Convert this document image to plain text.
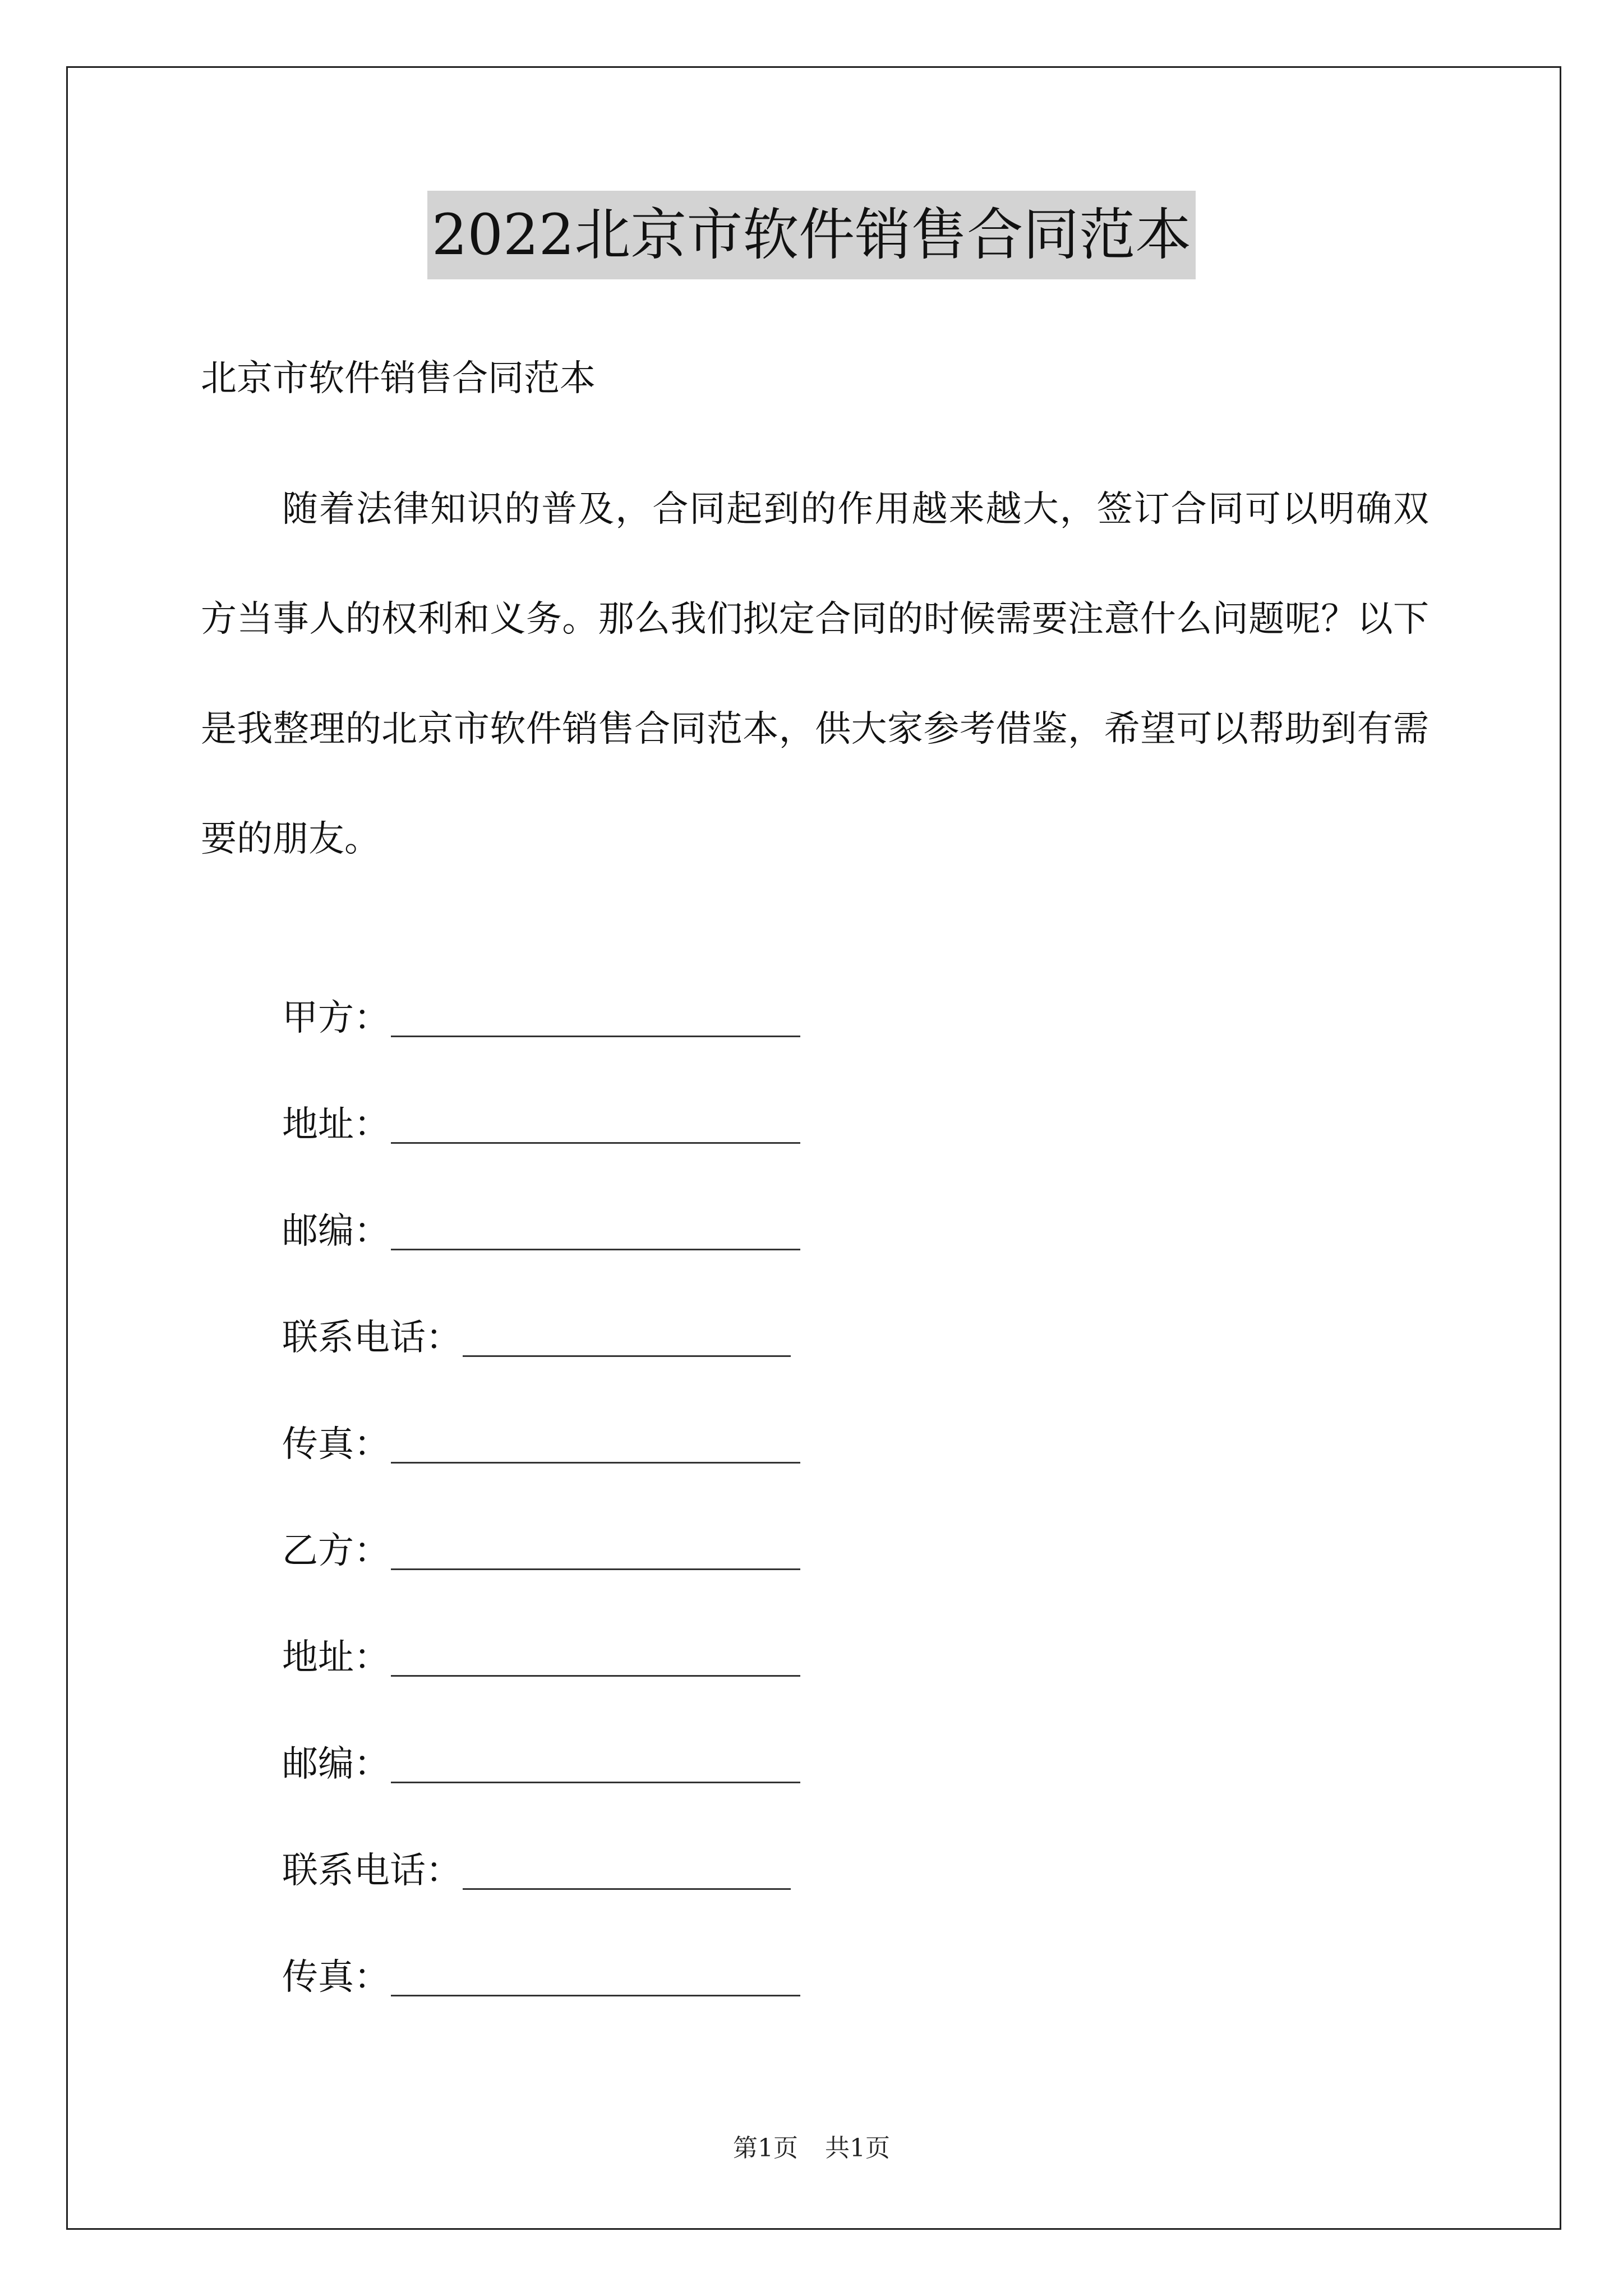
2022北京市软件销售合同范本
北京市软件销售合同范本

随着法律知识的普及，合同起到的作用越来越大，签订合同可以明确双方当事人的权利和义务。那么我们拟定合同的时候需要注意什么问题呢？以下是我整理的北京市软件销售合同范本，供大家参考借鉴，希望可以帮助到有需要的朋友。

甲方：
地址：
邮编：
联系电话：
传真：
乙方：
地址：
邮编：
联系电话：
传真：
第1页 共1页
